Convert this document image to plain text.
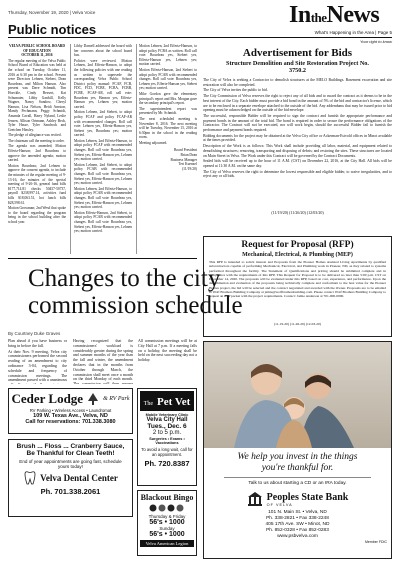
Thursday, November 19, 2020 | Velva Voice
Public notices
IntheNews
What's Happening in the Area | Page 5
Your right to know
VELVA PUBLIC SCHOOL BOARD OF EDUCATION
OCTOBER 11, 2016

The regular meeting of the Velva Public School Board of Education was held at the school on Tuesday, October 11, 2016 at 6:30 pm in the school. Present were Directors Lehnen, Siebert, Dean Bourdeau, and Milton Hanson. Also present was Dave Schmidt, Tim Hoeckle, Cindy Bessert, Kai Schumaier, Libby Ganhill, Kelly Wagner, Nancy Sundow, Cheryl Hanson, Lisa Nelson, Heidi Arnston, Mandy Pechmann, Peggy Schmidt, Amanda Cavall, Harry Nyland, Leslie Jensen, Allison Ortmann, Ashley Beck, Tyler Hasse, Tyler Sandrock and Gretchen Hinsley.

The pledge of allegiance was recited.

The chairman call the meeting to order.

The agenda was amended; Motion Effertz-Hanson; 2nd Bourdeau to approve the amended agenda; motion carried.

Motion Bourdeau; 2nd Lehnen to approve the consent agenda, to include the minutes of the regular meeting of 9-13-16, the minutes of the special meeting of 9-26-16, general fund bills $177,714.81 checks 50457-50737, payroll $238,997.14, activities fund bills $18,063.51, hot lunch bills $28,598.61.

Motion Grossman; 2nd Wesd that spoke to the board regarding the program being in the school building after the school year.

Libby Darnell addressed the board with her concerns about the school board bus.

Policies were reviewed. Motion Lehnen, 2nd Effertz-Hanson, to adopt the following policies with one reading as written to supersede the corresponding Velva Public School District policy manual: FCAF, FCB, FDC, FCD, FCBE, FCBA, FCBB, FCBE, FCAF-AR, roll call vote: Bourdeau yes, Hanson yes, Effertz-Hanson yes, Lehnen yes; motion carried.

Motion Lehnen, 2nd Siebert, to adopt policy FCAF and policy FCAF-AR with recommended changes. Roll call vote: Lehnen yes, Effertz-Hanson yes, Siebert yes, Bourdeau yes; motion carried.

Motion Lehnen, 2nd Effertz-Hanson, to adopt policy FCAF with recommended changes. Roll call vote: Bourdeau yes, Siebert yes, Effertz-Hanson yes, Lehnen yes; motion carried.

Motion Lehnen, 2nd Siebert, to adopt policy FCAB with recommended changes. Roll call vote: Bourdeau yes, Siebert yes, Effertz-Hanson yes, Lehnen yes; motion carried.

Motion Lehnen, 2nd Effertz-Hanson, to adopt policy FCAB with recommended changes. Roll call vote: Bourdeau yes, Siebert yes, Effertz-Hanson yes, Lehnen yes; motion carried.

Motion Effertz-Hanson, 2nd Siebert, to adopt policy FCAB with recommended changes. Roll call vote: Bourdeau yes, Siebert yes, Effertz-Hanson yes, Lehnen yes; motion carried.

Motion Lehnen, 2nd Effertz-Hanson, to adopt policy FCBA as written. Roll call vote: Bourdeau yes, Siebert yes, Effertz-Hanson yes, Lehnen yes; motion carried.

Motion Effertz-Hanson, 2nd Siebert to adopt policy FCAB with recommended changes. Roll call vote: Bourdeau yes, Lehnen yes, Effertz-Hanson yes, Siebert yes; motion carried.

Mike Gordon gave the elementary principal's report and Mrs. Morgan gave the secondary principal's report.

The superintendent report was presented by Mr. Schmidt.

The next scheduled meeting is November 8, 2016. The next meeting will be Tuesday, November 15, 2016 at 6:30pm in the school in the reading room.

Meeting adjourned.

Board President
Brian Dean
Business Manager
Teri Kuenzel
(11/19/20)
Advertisement for Bids
Structure Demolition and Site Restoration Project No. 3750.2

The City of Velva is seeking a Contractor to demolish structures at the MELO Buildings. Basement excavation and site restoration will also be completed.

The City of Velva invites the public to bid.

The City Commission of Velva reserves the right to reject any of all bids and to award the contract as it deems to be in the best interest of the City. Each bidder must provide a bid bond in the amount of 5% of the bid and contractor's license, which are to be enclosed in a separate envelope attached to the outside of the bid. Any addendums that may be issued prior to bid opening must be acknowledged on the outside of the bid envelope.

The successful, responsible Bidder will be required to sign the contract and furnish the appropriate performance and payment bonds in the amount of the total bid. The bond is required in order to secure the performance obligations of the Contractor. The Contract will not be executed, nor will work begin, should the successful Bidder fail to furnish the performance and payment bonds required.

Bidding documents for the project may be obtained at the Velva City office or Ackerman-Estvold offices in Minot available at the times provided.

Description of the Work is as follows: This Work shall include providing all labor, material, and equipment related to demolishing structures; removing, transporting and disposing of debris; and restoring the sites. These structures are located on Main Street in Velva. The Work under this Contract will be governed by the Contract Documents.

Sealed bids will be received up to the hour of 11 A.M. (CST) on December 22, 2016, at the City Hall. All bids will be opened at 11:30 A.M. on the same day.

The City of Velva reserves the right to determine the lowest responsible and eligible bidder, to waive irregularities, and to reject any or all bids.

(11/19/20) (11/26/20) (12/03/20)
Request for Proposal (RFP)
Mechanical, Electrical, & Plumbing (MEP)
This RFP is intended to solicit interest and Proposals from the Pioneer Homes Assisted Living Apartments by qualified subcontractors capable of performing Mechanical, Electrical, and Plumbing work in Pioneer, ND, as they related to systems performed throughout the facility. The Statement of Qualifications and pricing should be submitted complete and in compliance with the requirements of this RFP. This Request for Proposal is to be delivered no later than 5:00 p.m. CST on December 14, 2020. The proposals will be evaluated under this RFP, based on cost, experience, and performance. Upon the determination and evaluation of the proposals being technically complete and conformant to the best value for the Pioneer Homes project, the bid will be selected and the contract negotiated and awarded with the Owner. Proposals are to be emailed to Wolf Brothers Building Company at jamie@wolfbrothersbuilding.com. Please contact Wolf Brothers Building Company to request an RFP packet with the project requirements. Contact: Jamie Anderson at 701-000-0000.
(11-19-20) (11-26-20) (12-03-20)
Changes to the city commission schedule
By Courtney Duke Graves

Plan ahead if you have business or bring in before the fall.

At their Nov. 9 meeting, Velva city commissioners performed the second reading of an amendment to city ordinance 3-04, regarding the schedule and frequency of commission meetings. The amendment passed with a unanimous

Having recognized that the commissioners' workload is considerably greater during the spring and summer months of the year than the fall and winter, the amendment declares that in the months from October through March, the commission shall meet once a month on the third Monday of each month.
All commission meetings will be at City Hall at 7 p.m. If a meeting falls on a holiday, the meeting shall be held on the next succeeding day not a holiday.
Ceder Lodge	& RV Park
RV Parking • Wireless Access • Laundromat
109 W. Texas Ave., Velva, ND
Call for reservations: 701.338.3080
Brush ... Floss ... Cranberry Sauce,
Be Thankful for Clean Teeth!
End of year appointments are going fast, schedule yours today!
Velva Dental Center
Ph. 701.338.2061
The Pet Vet
Mobile Veterinary Clinic
Velva City Hall
Tues., Dec. 6
2 to 5 p.m.
Surgeries • Exams • Vaccinations
To avoid a long wait, call for an appointment.
Ph. 720.8387
Blackout Bingo
Thursday & Friday
56's • 1000
Sunday
56's • 1000
Velva American Legion
We help you invest in the things
you're thankful for.
Talk to us about starting a CD or an IRA today.
Peoples State Bank
OF VELVA
101 N. Main St. • Velva, ND
Ph. 338-2821 • Fax 338-2248
405 17th Ave. SW • Minot, ND
Ph. 852-0328 • Fax 852-0283
www.psbvelva.com
Member FDIC
